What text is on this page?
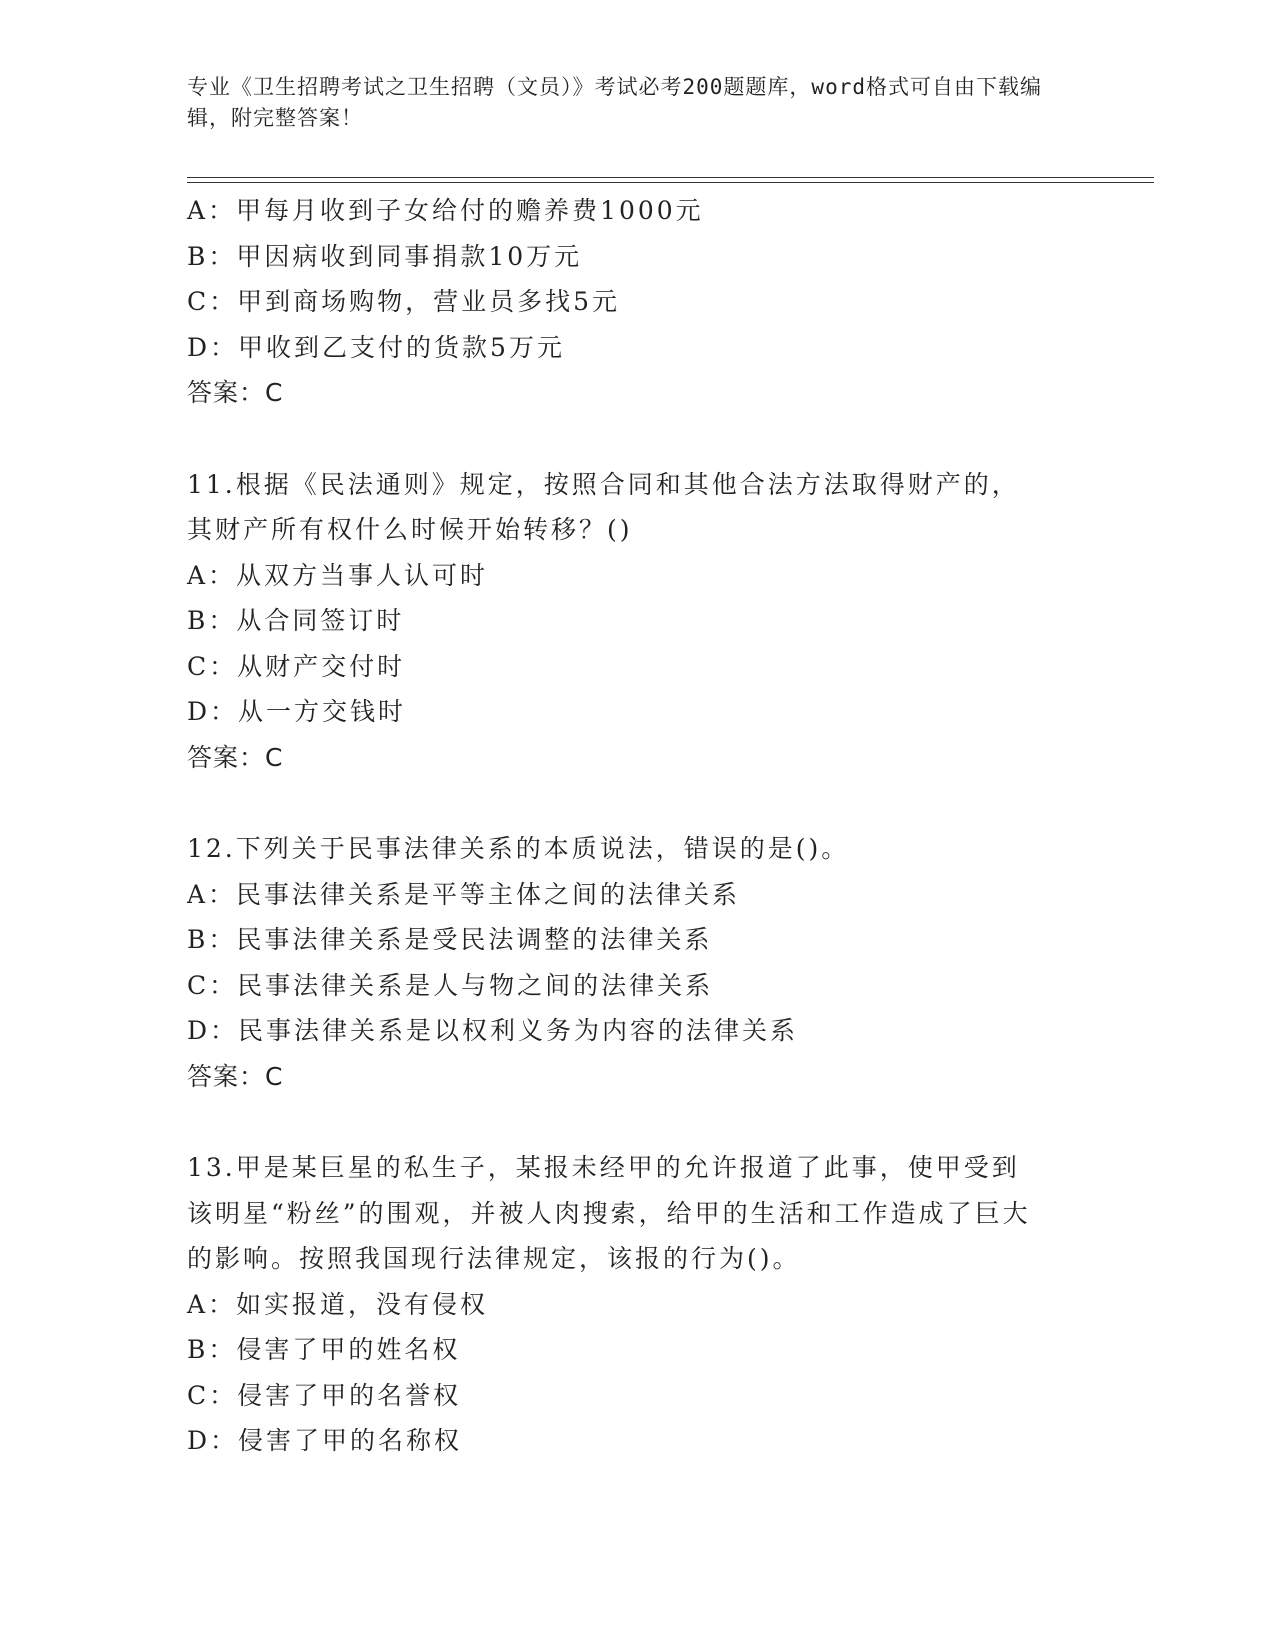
专业《卫生招聘考试之卫生招聘（文员）》考试必考200题题库，word格式可自由下载编辑，附完整答案！
A：甲每月收到子女给付的赡养费1000元
B：甲因病收到同事捐款10万元
C：甲到商场购物，营业员多找5元
D：甲收到乙支付的货款5万元
答案：C
11.根据《民法通则》规定，按照合同和其他合法方法取得财产的，其财产所有权什么时候开始转移？()
A：从双方当事人认可时
B：从合同签订时
C：从财产交付时
D：从一方交钱时
答案：C
12.下列关于民事法律关系的本质说法，错误的是()。
A：民事法律关系是平等主体之间的法律关系
B：民事法律关系是受民法调整的法律关系
C：民事法律关系是人与物之间的法律关系
D：民事法律关系是以权利义务为内容的法律关系
答案：C
13.甲是某巨星的私生子，某报未经甲的允许报道了此事，使甲受到该明星“粉丝”的围观，并被人肉搜索，给甲的生活和工作造成了巨大的影响。按照我国现行法律规定，该报的行为()。
A：如实报道，没有侵权
B：侵害了甲的姓名权
C：侵害了甲的名誉权
D：侵害了甲的名称权
